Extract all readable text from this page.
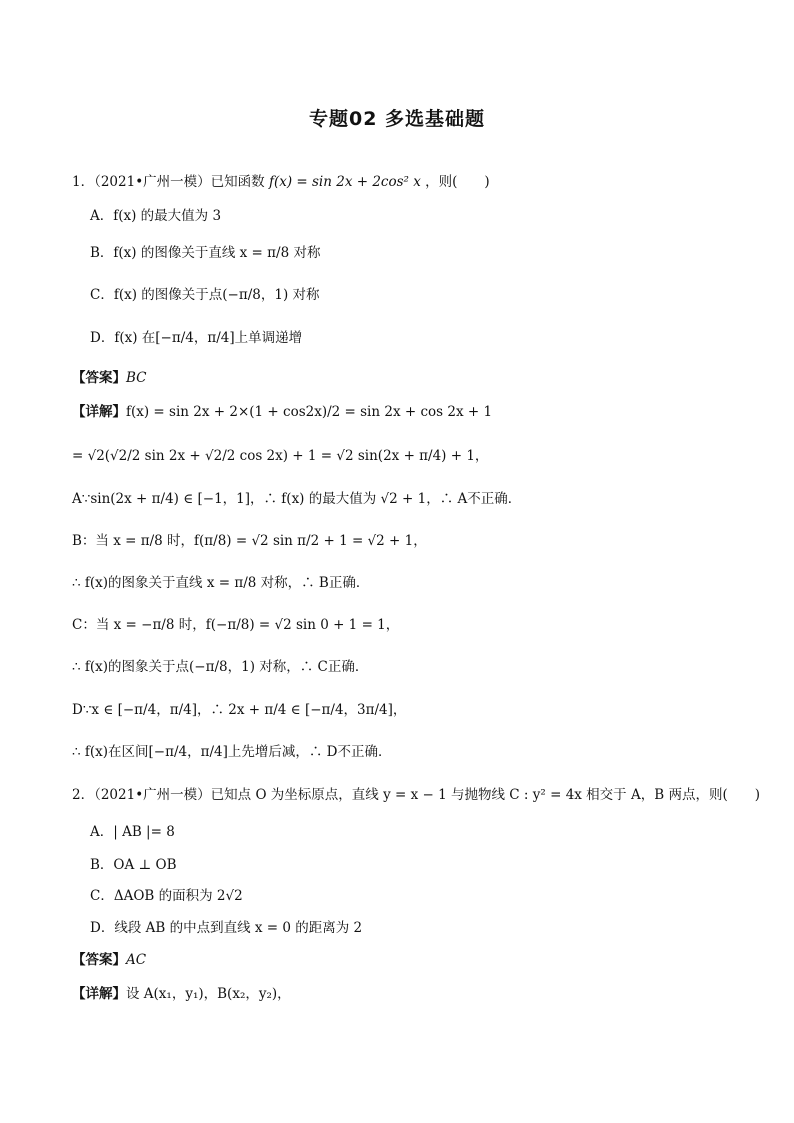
专题02 多选基础题
1．（2021•广州一模）已知函数 f(x) = sin 2x + 2cos² x ，则(　　)
A．f(x) 的最大值为 3
B．f(x) 的图像关于直线 x = π/8 对称
C．f(x) 的图像关于点(−π/8，1) 对称
D．f(x) 在[−π/4，π/4]上单调递增
【答案】BC
【详解】f(x) = sin 2x + 2×(1 + cos2x)/2 = sin 2x + cos 2x + 1
= √2(√2/2 sin 2x + √2/2 cos 2x) + 1 = √2 sin(2x + π/4) + 1，
A∵sin(2x + π/4) ∈ [−1，1]，∴ f(x) 的最大值为 √2 + 1，∴ A不正确．
B：当 x = π/8 时，f(π/8) = √2 sin π/2 + 1 = √2 + 1，
∴ f(x)的图象关于直线 x = π/8 对称，∴ B正确．
C：当 x = −π/8 时，f(−π/8) = √2 sin 0 + 1 = 1，
∴ f(x)的图象关于点(−π/8，1) 对称，∴ C正确．
D∵x ∈ [−π/4，π/4]，∴ 2x + π/4 ∈ [−π/4，3π/4]，
∴ f(x)在区间[−π/4，π/4]上先增后减，∴ D不正确．
2．（2021•广州一模）已知点 O 为坐标原点，直线 y = x − 1 与抛物线 C : y² = 4x 相交于 A，B 两点，则(　　)
A．| AB |= 8
B．OA ⊥ OB
C．ΔAOB 的面积为 2√2
D．线段 AB 的中点到直线 x = 0 的距离为 2
【答案】AC
【详解】设 A(x₁，y₁)，B(x₂，y₂)，
